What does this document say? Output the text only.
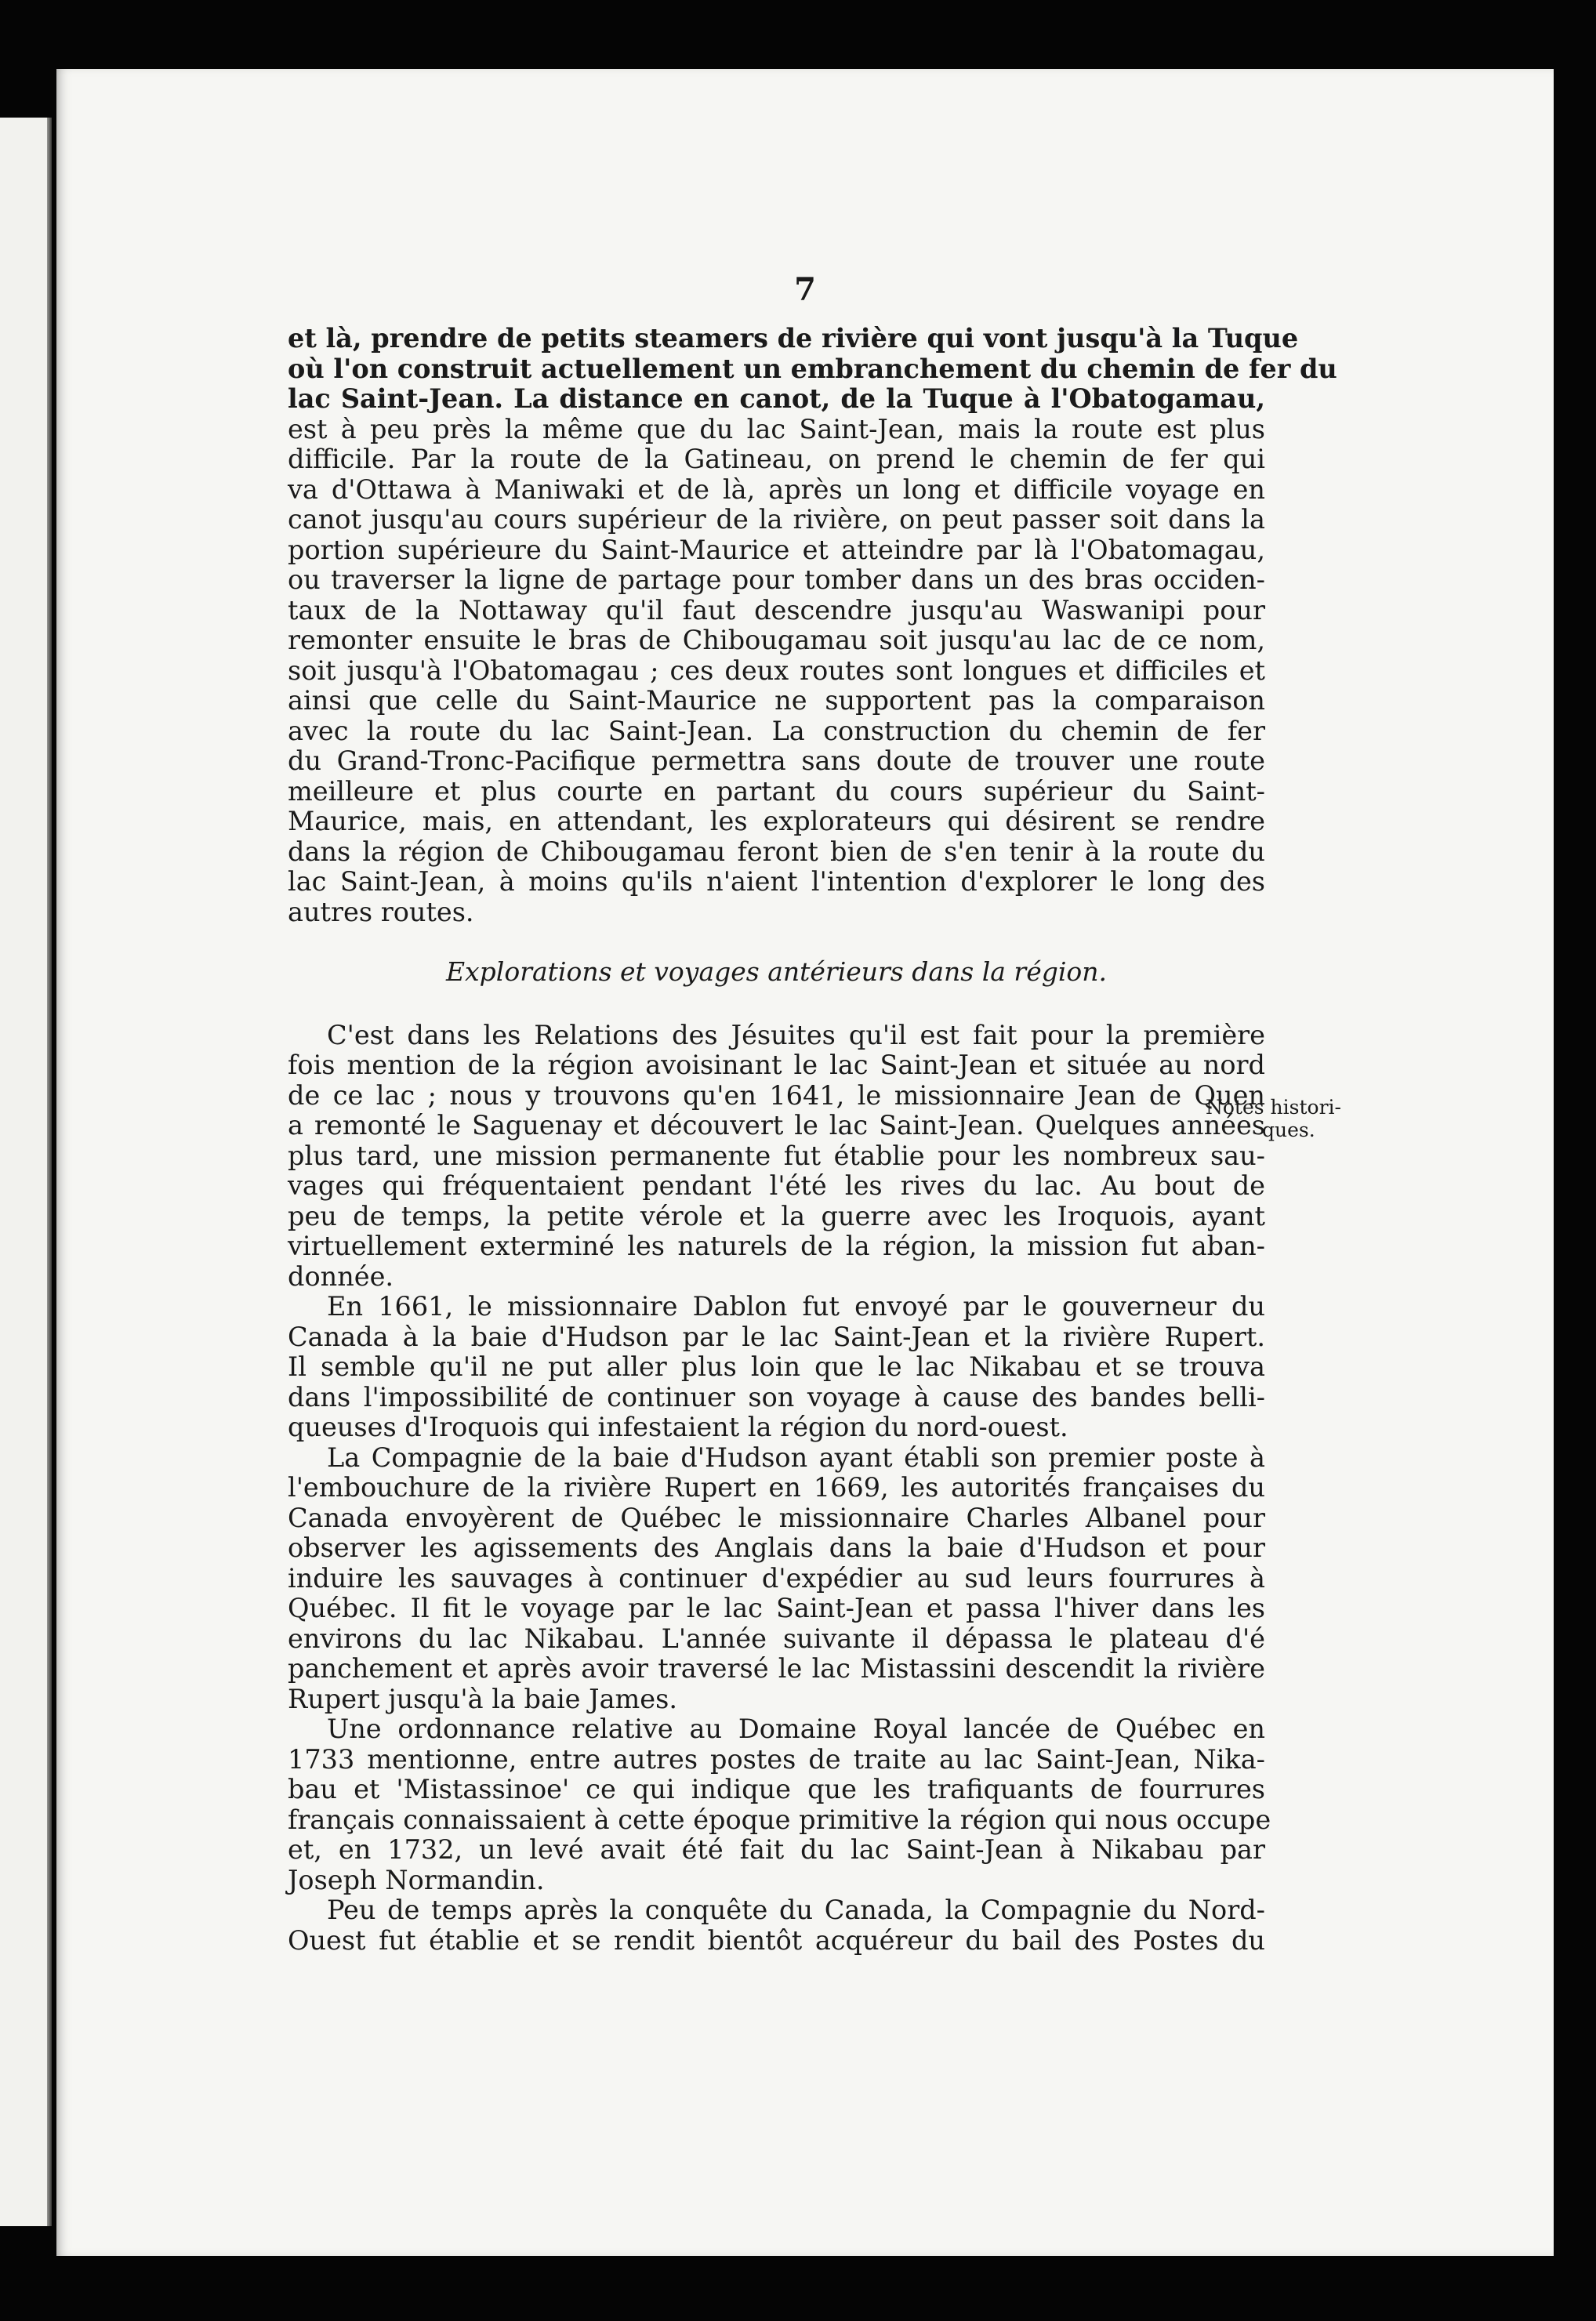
7
Notes histori-
ques.
et là, prendre de petits steamers de rivière qui vont jusqu'à la Tuque
où l'on construit actuellement un embranchement du chemin de fer du
lac Saint-Jean. La distance en canot, de la Tuque à l'Obatogamau,
est à peu près la même que du lac Saint-Jean, mais la route est plus
difficile. Par la route de la Gatineau, on prend le chemin de fer qui
va d'Ottawa à Maniwaki et de là, après un long et difficile voyage en
canot jusqu'au cours supérieur de la rivière, on peut passer soit dans la
portion supérieure du Saint-Maurice et atteindre par là l'Obatomagau,
ou traverser la ligne de partage pour tomber dans un des bras occiden-
taux de la Nottaway qu'il faut descendre jusqu'au Waswanipi pour
remonter ensuite le bras de Chibougamau soit jusqu'au lac de ce nom,
soit jusqu'à l'Obatomagau ; ces deux routes sont longues et difficiles et
ainsi que celle du Saint-Maurice ne supportent pas la comparaison
avec la route du lac Saint-Jean. La construction du chemin de fer
du Grand-Tronc-Pacifique permettra sans doute de trouver une route
meilleure et plus courte en partant du cours supérieur du Saint-
Maurice, mais, en attendant, les explorateurs qui désirent se rendre
dans la région de Chibougamau feront bien de s'en tenir à la route du
lac Saint-Jean, à moins qu'ils n'aient l'intention d'explorer le long des
autres routes.
Explorations et voyages antérieurs dans la région.
C'est dans les Relations des Jésuites qu'il est fait pour la première
fois mention de la région avoisinant le lac Saint-Jean et située au nord
de ce lac ; nous y trouvons qu'en 1641, le missionnaire Jean de Quen
a remonté le Saguenay et découvert le lac Saint-Jean. Quelques années
plus tard, une mission permanente fut établie pour les nombreux sau-
vages qui fréquentaient pendant l'été les rives du lac. Au bout de
peu de temps, la petite vérole et la guerre avec les Iroquois, ayant
virtuellement exterminé les naturels de la région, la mission fut aban-
donnée.
En 1661, le missionnaire Dablon fut envoyé par le gouverneur du
Canada à la baie d'Hudson par le lac Saint-Jean et la rivière Rupert.
Il semble qu'il ne put aller plus loin que le lac Nikabau et se trouva
dans l'impossibilité de continuer son voyage à cause des bandes belli-
queuses d'Iroquois qui infestaient la région du nord-ouest.
La Compagnie de la baie d'Hudson ayant établi son premier poste à
l'embouchure de la rivière Rupert en 1669, les autorités françaises du
Canada envoyèrent de Québec le missionnaire Charles Albanel pour
observer les agissements des Anglais dans la baie d'Hudson et pour
induire les sauvages à continuer d'expédier au sud leurs fourrures à
Québec. Il fit le voyage par le lac Saint-Jean et passa l'hiver dans les
environs du lac Nikabau. L'année suivante il dépassa le plateau d'é
panchement et après avoir traversé le lac Mistassini descendit la rivière
Rupert jusqu'à la baie James.
Une ordonnance relative au Domaine Royal lancée de Québec en
1733 mentionne, entre autres postes de traite au lac Saint-Jean, Nika-
bau et 'Mistassinoe' ce qui indique que les trafiquants de fourrures
français connaissaient à cette époque primitive la région qui nous occupe
et, en 1732, un levé avait été fait du lac Saint-Jean à Nikabau par
Joseph Normandin.
Peu de temps après la conquête du Canada, la Compagnie du Nord-
Ouest fut établie et se rendit bientôt acquéreur du bail des Postes du
